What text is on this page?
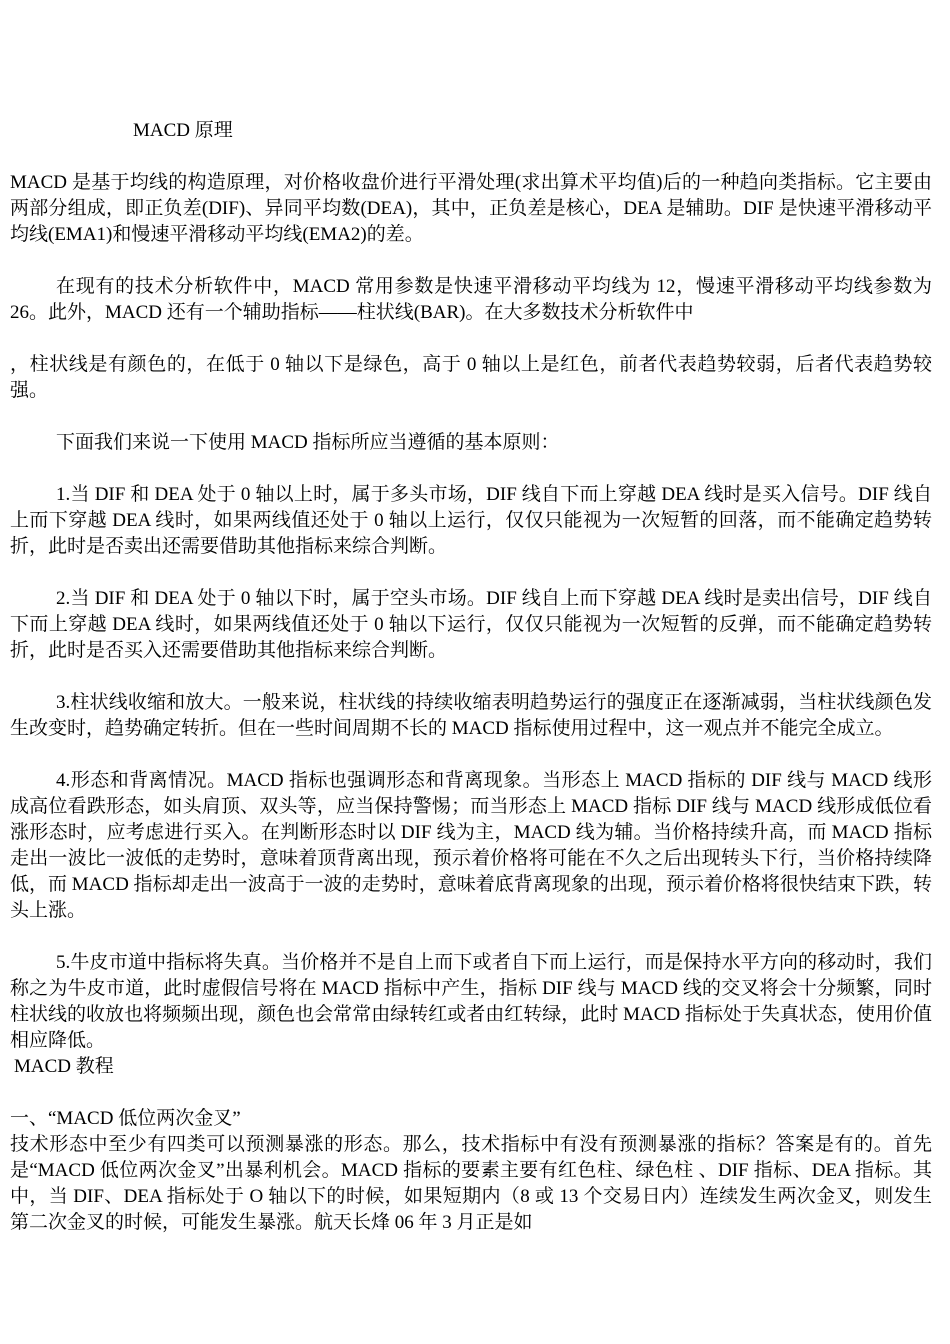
MACD 原理

MACD 是基于均线的构造原理，对价格收盘价进行平滑处理(求出算术平均值)后的一种趋向类指标。它主要由两部分组成，即正负差(DIF)、异同平均数(DEA)，其中，正负差是核心，DEA 是辅助。DIF 是快速平滑移动平均线(EMA1)和慢速平滑移动平均线(EMA2)的差。

在现有的技术分析软件中，MACD 常用参数是快速平滑移动平均线为 12，慢速平滑移动平均线参数为 26。此外，MACD 还有一个辅助指标——柱状线(BAR)。在大多数技术分析软件中

，柱状线是有颜色的，在低于 0 轴以下是绿色，高于 0 轴以上是红色，前者代表趋势较弱，后者代表趋势较强。

下面我们来说一下使用 MACD 指标所应当遵循的基本原则：

1.当 DIF 和 DEA 处于 0 轴以上时，属于多头市场，DIF 线自下而上穿越 DEA 线时是买入信号。DIF 线自上而下穿越 DEA 线时，如果两线值还处于 0 轴以上运行，仅仅只能视为一次短暂的回落，而不能确定趋势转折，此时是否卖出还需要借助其他指标来综合判断。

2.当 DIF 和 DEA 处于 0 轴以下时，属于空头市场。DIF 线自上而下穿越 DEA 线时是卖出信号，DIF 线自下而上穿越 DEA 线时，如果两线值还处于 0 轴以下运行，仅仅只能视为一次短暂的反弹，而不能确定趋势转折，此时是否买入还需要借助其他指标来综合判断。

3.柱状线收缩和放大。一般来说，柱状线的持续收缩表明趋势运行的强度正在逐渐减弱，当柱状线颜色发生改变时，趋势确定转折。但在一些时间周期不长的 MACD 指标使用过程中，这一观点并不能完全成立。

4.形态和背离情况。MACD 指标也强调形态和背离现象。当形态上 MACD 指标的 DIF 线与 MACD 线形成高位看跌形态，如头肩顶、双头等，应当保持警惕；而当形态上 MACD 指标 DIF 线与 MACD 线形成低位看涨形态时，应考虑进行买入。在判断形态时以 DIF 线为主，MACD 线为辅。当价格持续升高，而 MACD 指标走出一波比一波低的走势时，意味着顶背离出现，预示着价格将可能在不久之后出现转头下行，当价格持续降低，而 MACD 指标却走出一波高于一波的走势时，意味着底背离现象的出现，预示着价格将很快结束下跌，转头上涨。

5.牛皮市道中指标将失真。当价格并不是自上而下或者自下而上运行，而是保持水平方向的移动时，我们称之为牛皮市道，此时虚假信号将在 MACD 指标中产生，指标 DIF 线与 MACD 线的交叉将会十分频繁，同时柱状线的收放也将频频出现，颜色也会常常由绿转红或者由红转绿，此时 MACD 指标处于失真状态，使用价值相应降低。

MACD 教程
一、“MACD 低位两次金叉”

技术形态中至少有四类可以预测暴涨的形态。那么，技术指标中有没有预测暴涨的指标？答案是有的。首先是“MACD 低位两次金叉”出暴利机会。MACD 指标的要素主要有红色柱、绿色柱 、DIF 指标、DEA 指标。其中，当 DIF、DEA 指标处于 O 轴以下的时候，如果短期内（8 或 13 个交易日内）连续发生两次金叉，则发生第二次金叉的时候，可能发生暴涨。航天长烽 06 年 3 月正是如
